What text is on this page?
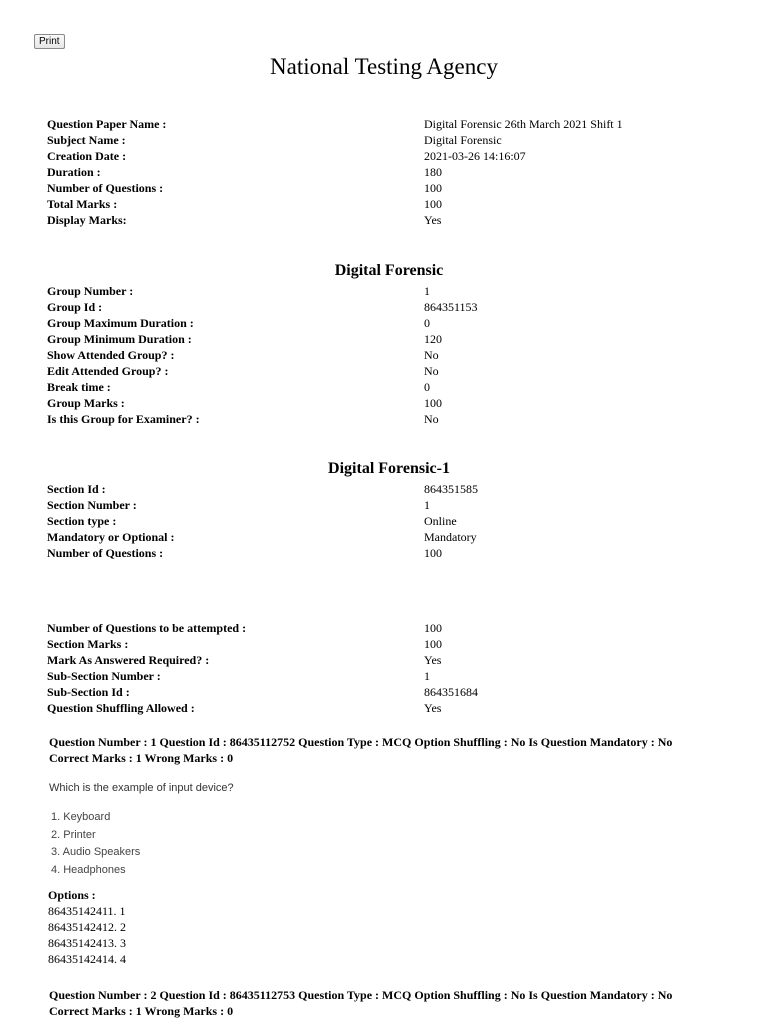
Print
National Testing Agency
Question Paper Name :	Digital Forensic 26th March 2021 Shift 1
Subject Name :	Digital Forensic
Creation Date :	2021-03-26 14:16:07
Duration :	180
Number of Questions :	100
Total Marks :	100
Display Marks:	Yes
Digital Forensic
Group Number :	1
Group Id :	864351153
Group Maximum Duration :	0
Group Minimum Duration :	120
Show Attended Group? :	No
Edit Attended Group? :	No
Break time :	0
Group Marks :	100
Is this Group for Examiner? :	No
Digital Forensic-1
Section Id :	864351585
Section Number :	1
Section type :	Online
Mandatory or Optional :	Mandatory
Number of Questions :	100
Number of Questions to be attempted :	100
Section Marks :	100
Mark As Answered Required? :	Yes
Sub-Section Number :	1
Sub-Section Id :	864351684
Question Shuffling Allowed :	Yes
Question Number : 1 Question Id : 86435112752 Question Type : MCQ Option Shuffling : No Is Question Mandatory : No
Correct Marks : 1 Wrong Marks : 0
Which is the example of input device?
1. Keyboard
2. Printer
3. Audio Speakers
4. Headphones
Options :
86435142411. 1
86435142412. 2
86435142413. 3
86435142414. 4
Question Number : 2 Question Id : 86435112753 Question Type : MCQ Option Shuffling : No Is Question Mandatory : No
Correct Marks : 1 Wrong Marks : 0
